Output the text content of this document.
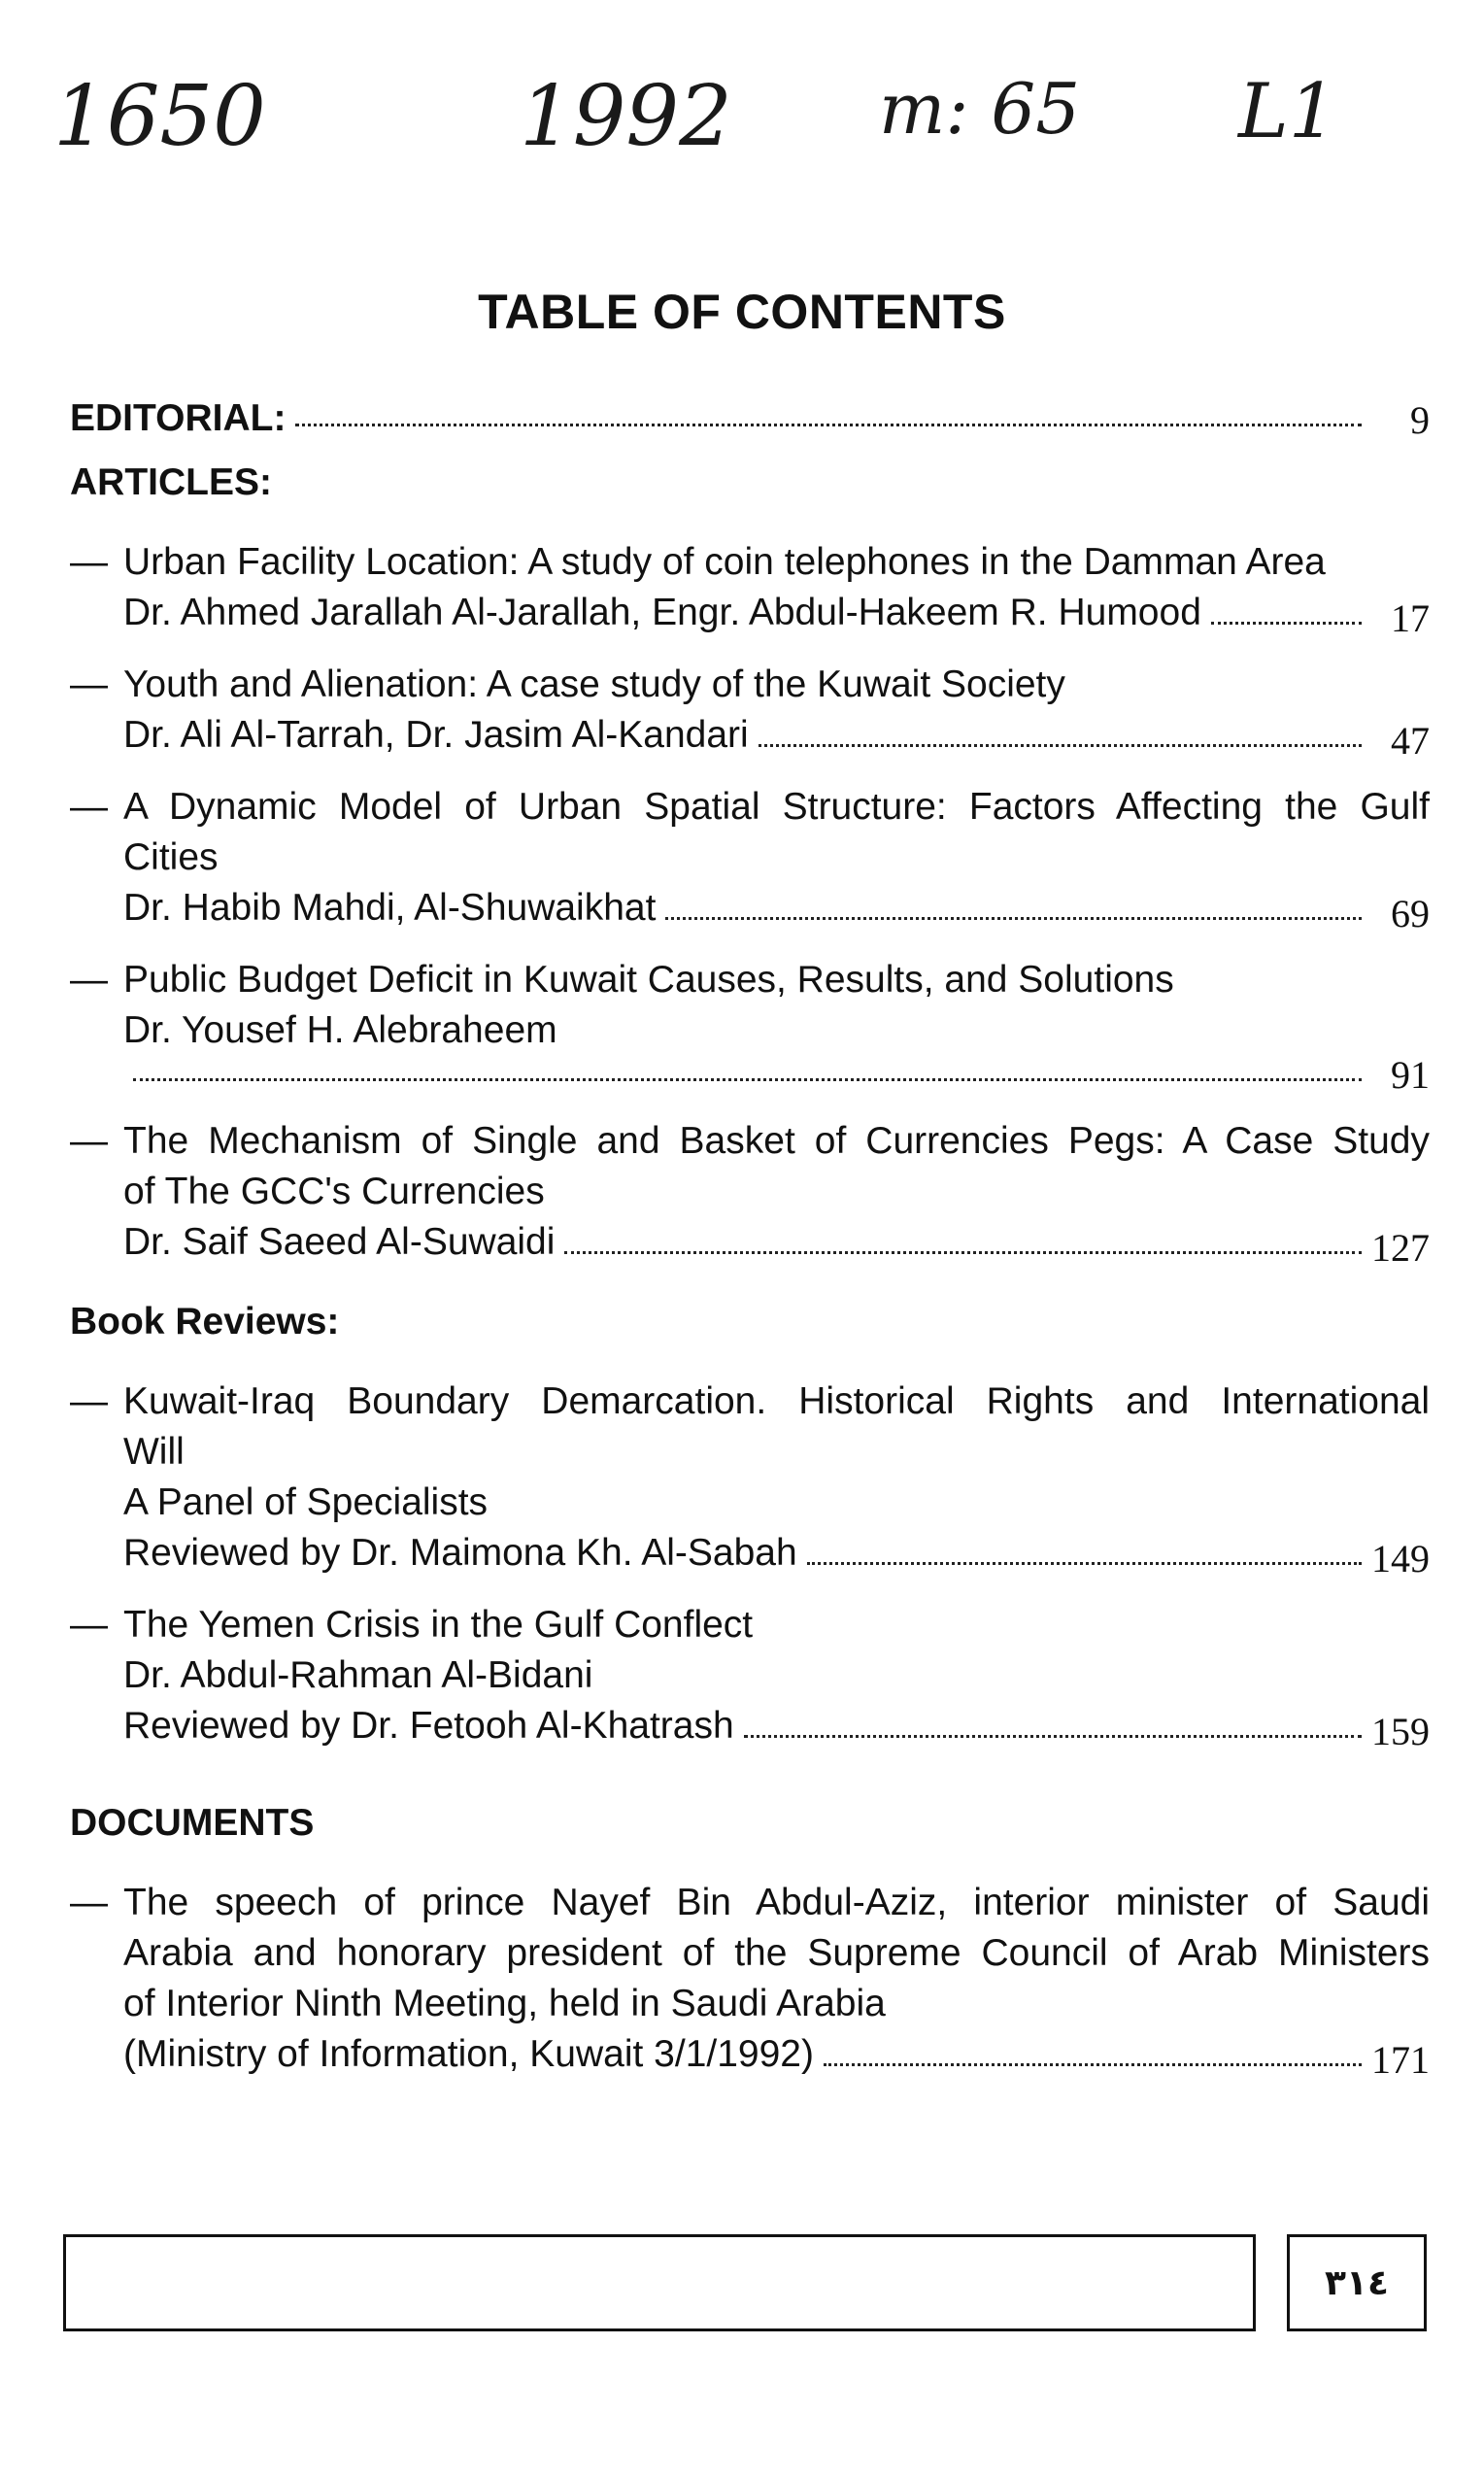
1650	1992 m: 65 L1
TABLE OF CONTENTS
EDITORIAL:	9
ARTICLES:
— Urban Facility Location: A study of coin telephones in the Damman Area
Dr. Ahmed Jarallah Al-Jarallah, Engr. Abdul-Hakeem R. Humood	17
— Youth and Alienation: A case study of the Kuwait Society
Dr. Ali Al-Tarrah, Dr. Jasim Al-Kandari	47
— A Dynamic Model of Urban Spatial Structure: Factors Affecting the Gulf
Cities
Dr. Habib Mahdi, Al-Shuwaikhat	69
— Public Budget Deficit in Kuwait Causes, Results, and Solutions
Dr. Yousef H. Alebraheem
91
— The Mechanism of Single and Basket of Currencies Pegs: A Case Study
of The GCC's Currencies
Dr. Saif Saeed Al-Suwaidi	127
Book Reviews:
— Kuwait-Iraq Boundary Demarcation. Historical Rights and International
Will
A Panel of Specialists
Reviewed by Dr. Maimona Kh. Al-Sabah	149
— The Yemen Crisis in the Gulf Conflect
Dr. Abdul-Rahman Al-Bidani
Reviewed by Dr. Fetooh Al-Khatrash	159
DOCUMENTS
— The speech of prince Nayef Bin Abdul-Aziz, interior minister of Saudi
Arabia and honorary president of the Supreme Council of Arab Ministers
of Interior Ninth Meeting, held in Saudi Arabia
(Ministry of Information, Kuwait 3/1/1992)	171
٣١٤
